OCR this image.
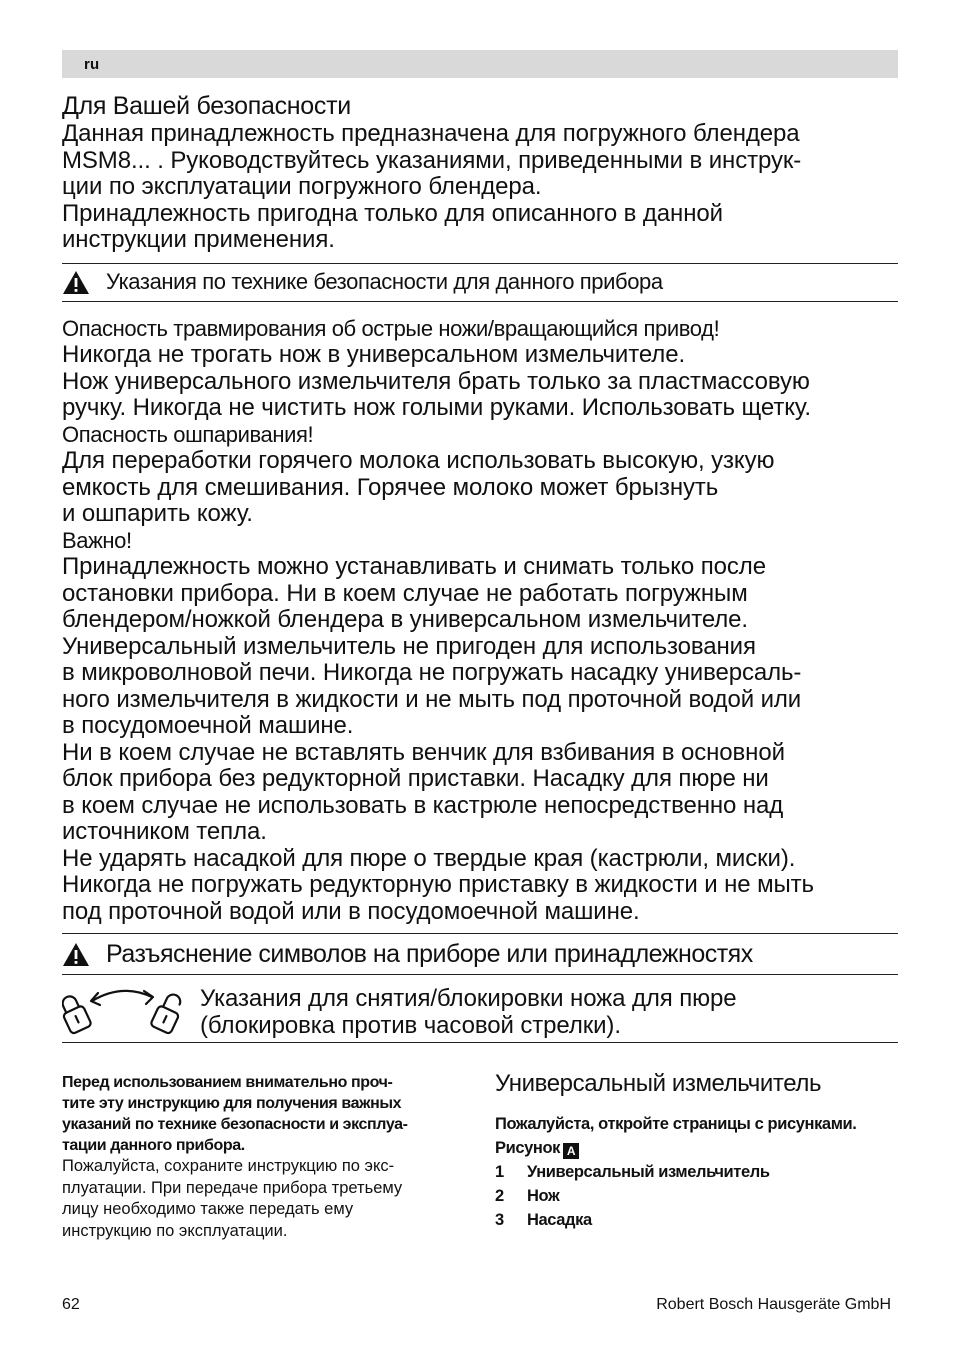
ru
Для Вашей безопасности
Данная принадлежность предназначена для погружного блендера
MSM8... . Руководствуйтесь указаниями, приведенными в инструк-
ции по эксплуатации погружного блендера.
Принадлежность пригодна только для описанного в данной
инструкции применения.
Указания по технике безопасности для данного прибора
Опасность травмирования об острые ножи/вращающийся привод!
Никогда не трогать нож в универсальном измельчителе.
Нож универсального измельчителя брать только за пластмассовую
ручку. Никогда не чистить нож голыми руками. Использовать щетку.
Опасность ошпаривания!
Для переработки горячего молока использовать высокую, узкую
емкость для смешивания. Горячее молоко может брызнуть
и ошпарить кожу.
Важно!
Принадлежность можно устанавливать и снимать только после
остановки прибора. Ни в коем случае не работать погружным
блендером/ножкой блендера в универсальном измельчителе.
Универсальный измельчитель не пригоден для использования
в микроволновой печи. Никогда не погружать насадку универсаль-
ного измельчителя в жидкости и не мыть под проточной водой или
в посудомоечной машине.
Ни в коем случае не вставлять венчик для взбивания в основной
блок прибора без редукторной приставки. Насадку для пюре ни
в коем случае не использовать в кастрюле непосредственно над
источником тепла.
Не ударять насадкой для пюре о твердые края (кастрюли, миски).
Никогда не погружать редукторную приставку в жидкости и не мыть
под проточной водой или в посудомоечной машине.
Разъяснение символов на приборе или принадлежностях
Указания для снятия/блокировки ножа для пюре
(блокировка против часовой стрелки).
Перед использованием внимательно проч-
тите эту инструкцию для получения важных
указаний по технике безопасности и эксплуа-
тации данного прибора.
Пожалуйста, сохраните инструкцию по экс-
плуатации. При передаче прибора третьему
лицу необходимо также передать ему
инструкцию по эксплуатации.
Универсальный измельчитель
Пожалуйста, откройте страницы с рисунками.
Рисунок A
1	Универсальный измельчитель
2	Нож
3	Насадка
62	Robert Bosch Hausgeräte GmbH
